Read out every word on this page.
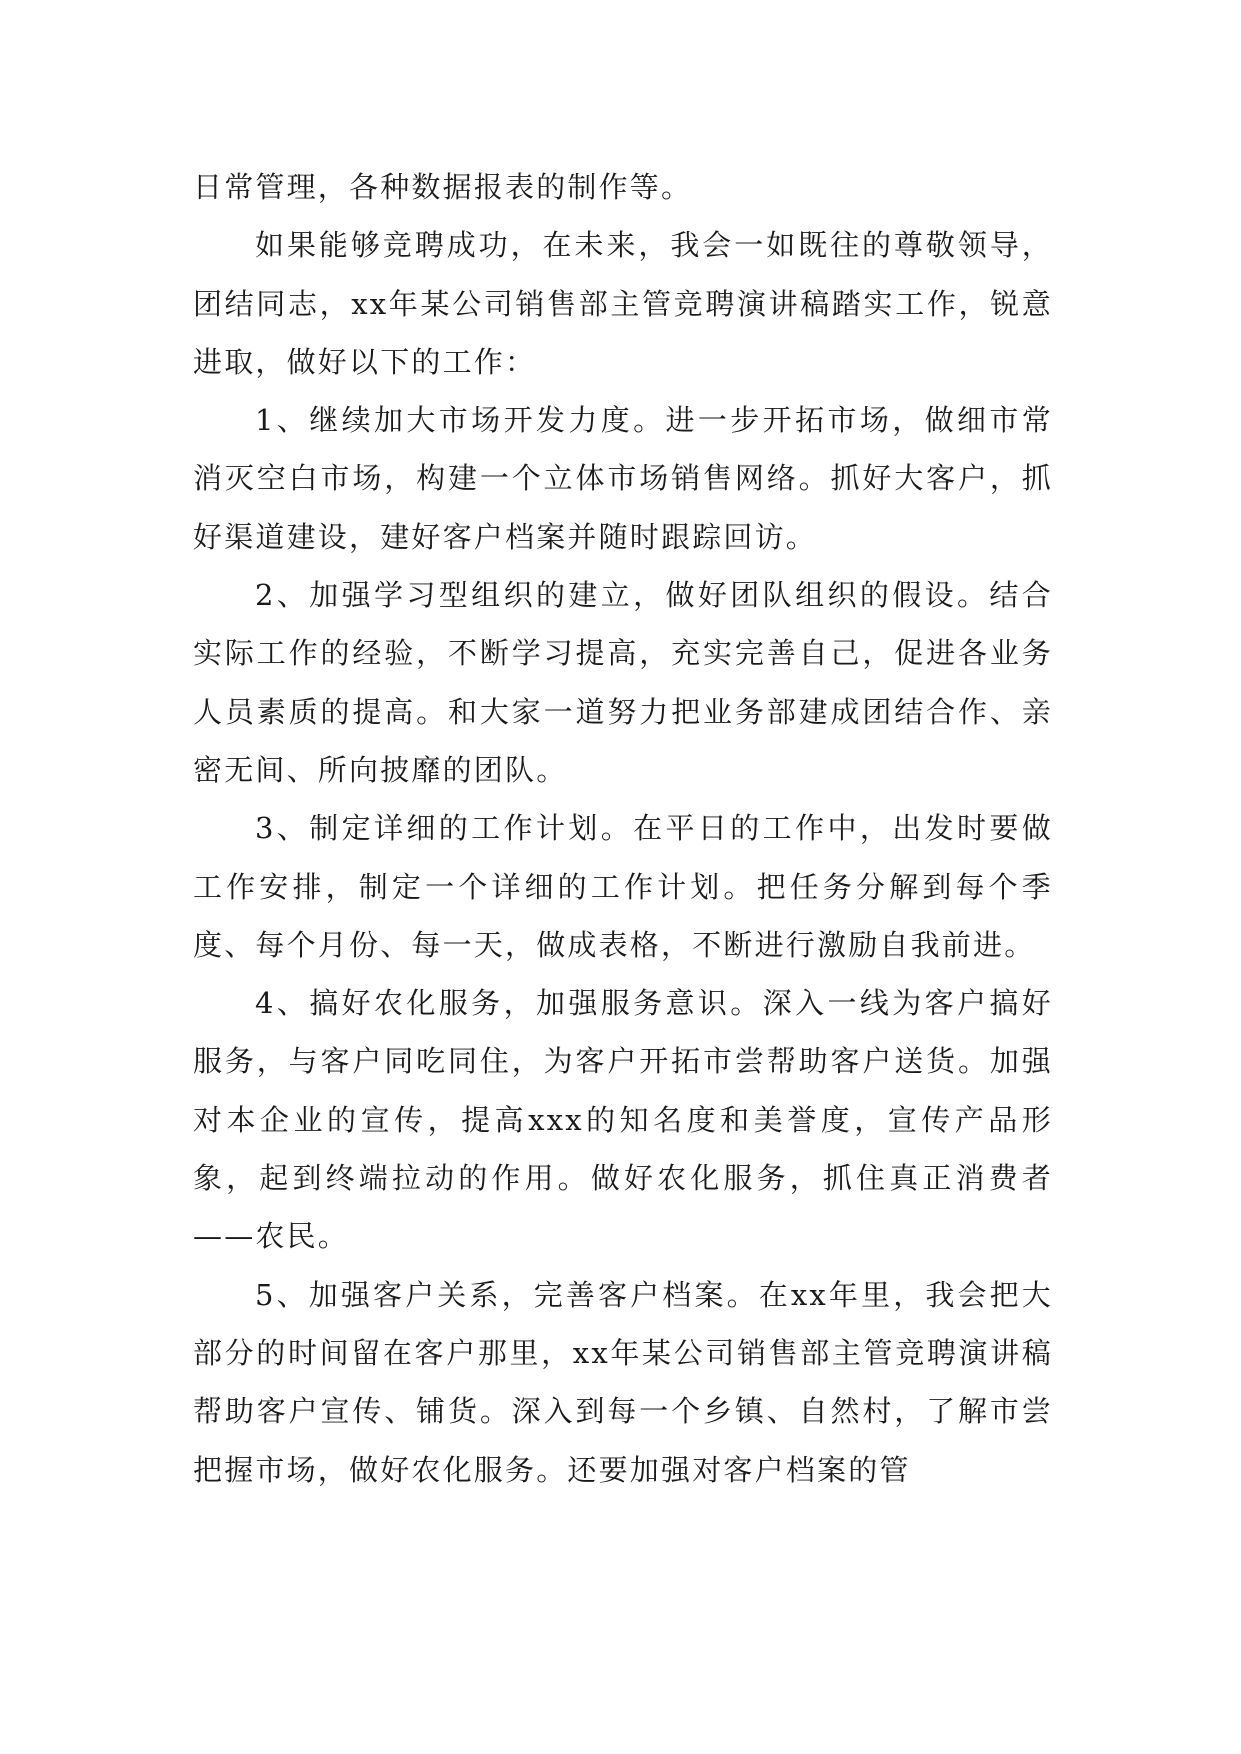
日常管理，各种数据报表的制作等。

如果能够竞聘成功，在未来，我会一如既往的尊敬领导，团结同志，xx年某公司销售部主管竞聘演讲稿踏实工作，锐意进取，做好以下的工作：

1、继续加大市场开发力度。进一步开拓市场，做细市常消灭空白市场，构建一个立体市场销售网络。抓好大客户，抓好渠道建设，建好客户档案并随时跟踪回访。

2、加强学习型组织的建立，做好团队组织的假设。结合实际工作的经验，不断学习提高，充实完善自己，促进各业务人员素质的提高。和大家一道努力把业务部建成团结合作、亲密无间、所向披靡的团队。

3、制定详细的工作计划。在平日的工作中，出发时要做工作安排，制定一个详细的工作计划。把任务分解到每个季度、每个月份、每一天，做成表格，不断进行激励自我前进。

4、搞好农化服务，加强服务意识。深入一线为客户搞好服务，与客户同吃同住，为客户开拓市尝帮助客户送货。加强对本企业的宣传，提高xxx的知名度和美誉度，宣传产品形象，起到终端拉动的作用。做好农化服务，抓住真正消费者——农民。

5、加强客户关系，完善客户档案。在xx年里，我会把大部分的时间留在客户那里，xx年某公司销售部主管竞聘演讲稿帮助客户宣传、铺货。深入到每一个乡镇、自然村，了解市尝把握市场，做好农化服务。还要加强对客户档案的管
